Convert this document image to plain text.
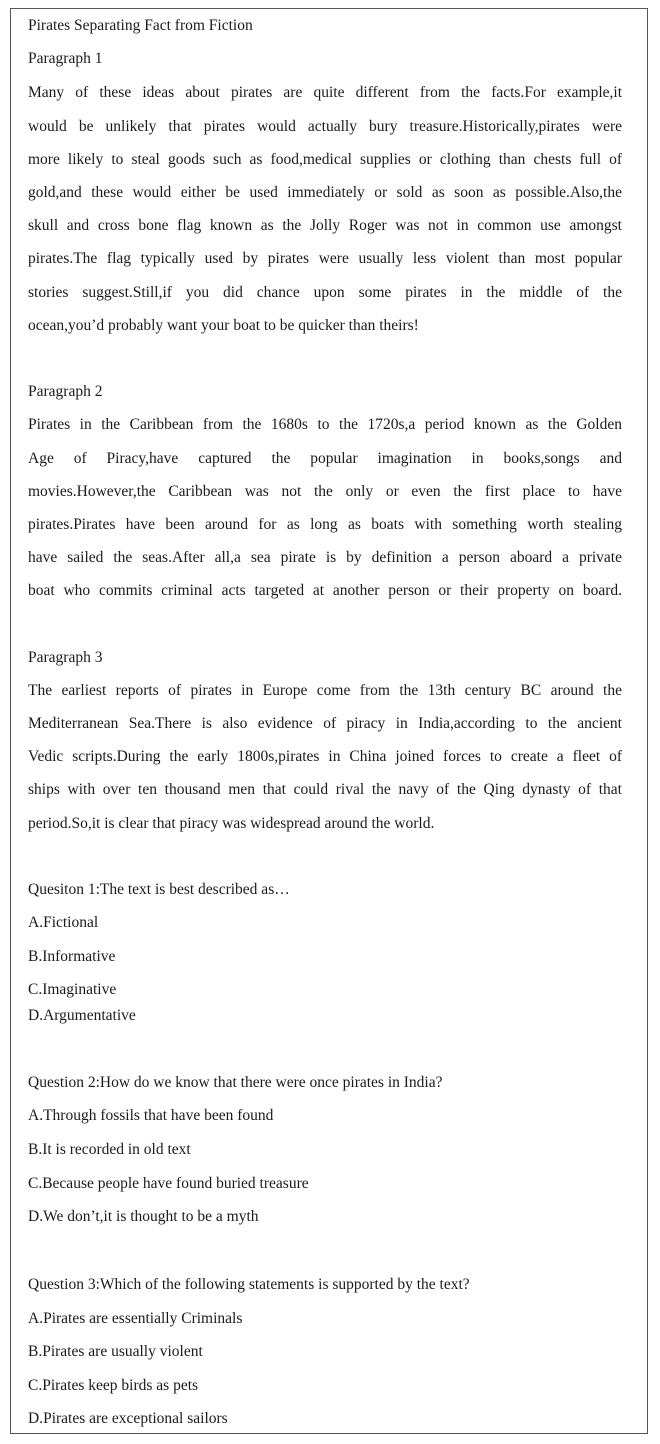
Pirates Separating Fact from Fiction
Paragraph 1
Many of these ideas about pirates are quite different from the facts.For example,it
would be unlikely that pirates would actually bury treasure.Historically,pirates were
more likely to steal goods such as food,medical supplies or clothing than chests full of
gold,and these would either be used immediately or sold as soon as possible.Also,the
skull and cross bone flag known as the Jolly Roger was not in common use amongst
pirates.The flag typically used by pirates were usually less violent than most popular
stories suggest.Still,if you did chance upon some pirates in the middle of the
ocean,you’d probably want your boat to be quicker than theirs!
Paragraph 2
Pirates in the Caribbean from the 1680s to the 1720s,a period known as the Golden
Age of Piracy,have captured the popular imagination in books,songs and
movies.However,the Caribbean was not the only or even the first place to have
pirates.Pirates have been around for as long as boats with something worth stealing
have sailed the seas.After all,a sea pirate is by definition a person aboard a private
boat who commits criminal acts targeted at another person or their property on board.
Paragraph 3
The earliest reports of pirates in Europe come from the 13th century BC around the
Mediterranean Sea.There is also evidence of piracy in India,according to the ancient
Vedic scripts.During the early 1800s,pirates in China joined forces to create a fleet of
ships with over ten thousand men that could rival the navy of the Qing dynasty of that
period.So,it is clear that piracy was widespread around the world.
Quesiton 1:The text is best described as…
A.Fictional
B.Informative
C.Imaginative
D.Argumentative
Question 2:How do we know that there were once pirates in India?
A.Through fossils that have been found
B.It is recorded in old text
C.Because people have found buried treasure
D.We don’t,it is thought to be a myth
Question 3:Which of the following statements is supported by the text?
A.Pirates are essentially Criminals
B.Pirates are usually violent
C.Pirates keep birds as pets
D.Pirates are exceptional sailors
